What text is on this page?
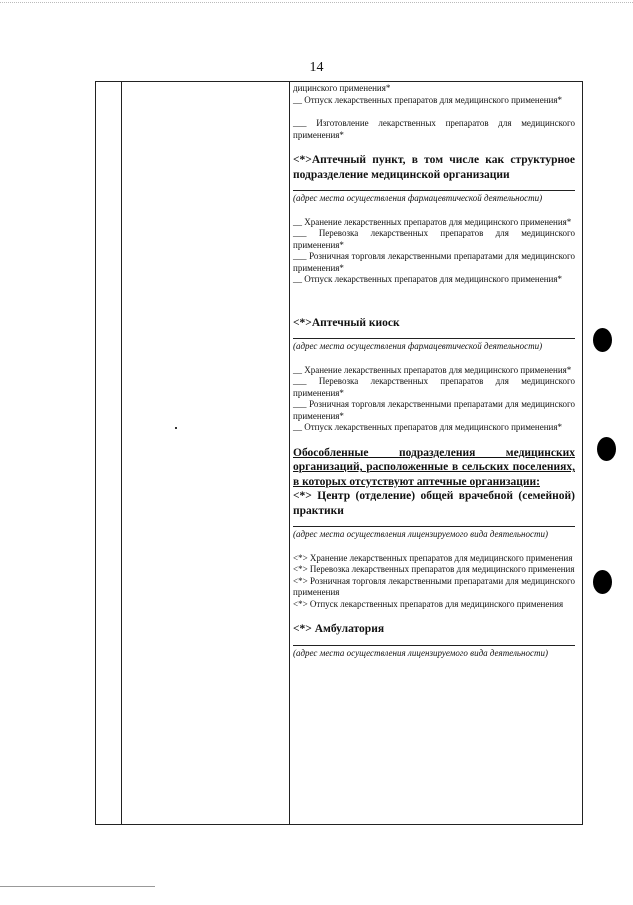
14

дицинского применения*

__ Отпуск лекарственных препаратов для медицинского применения*

___ Изготовление лекарственных препаратов для медицинского применения*

<*>Аптечный пункт, в том числе как структурное подразделение медицинской организации

(адрес места осуществления фармацевтической деятельности)

__ Хранение лекарственных препаратов для медицинского применения*

___ Перевозка лекарственных препаратов для медицинского применения*

___ Розничная торговля лекарственными препаратами для медицинского применения*

__ Отпуск лекарственных препаратов для медицинского применения*

<*>Аптечный киоск

(адрес места осуществления фармацевтической деятельности)

__ Хранение лекарственных препаратов для медицинского применения*

___ Перевозка лекарственных препаратов для медицинского применения*

___ Розничная торговля лекарственными препаратами для медицинского применения*

__ Отпуск лекарственных препаратов для медицинского применения*

Обособленные подразделения медицинских организаций, расположенные в сельских поселениях, в которых отсутствуют аптечные организации:

<*> Центр (отделение) общей врачебной (семейной) практики

(адрес места осуществления лицензируемого вида деятельности)

<*> Хранение лекарственных препаратов для медицинского применения

<*> Перевозка лекарственных препаратов для медицинского применения

<*> Розничная торговля лекарственными препаратами для медицинского применения

<*> Отпуск лекарственных препаратов для медицинского применения

<*> Амбулатория

(адрес места осуществления лицензируемого вида деятельности)
